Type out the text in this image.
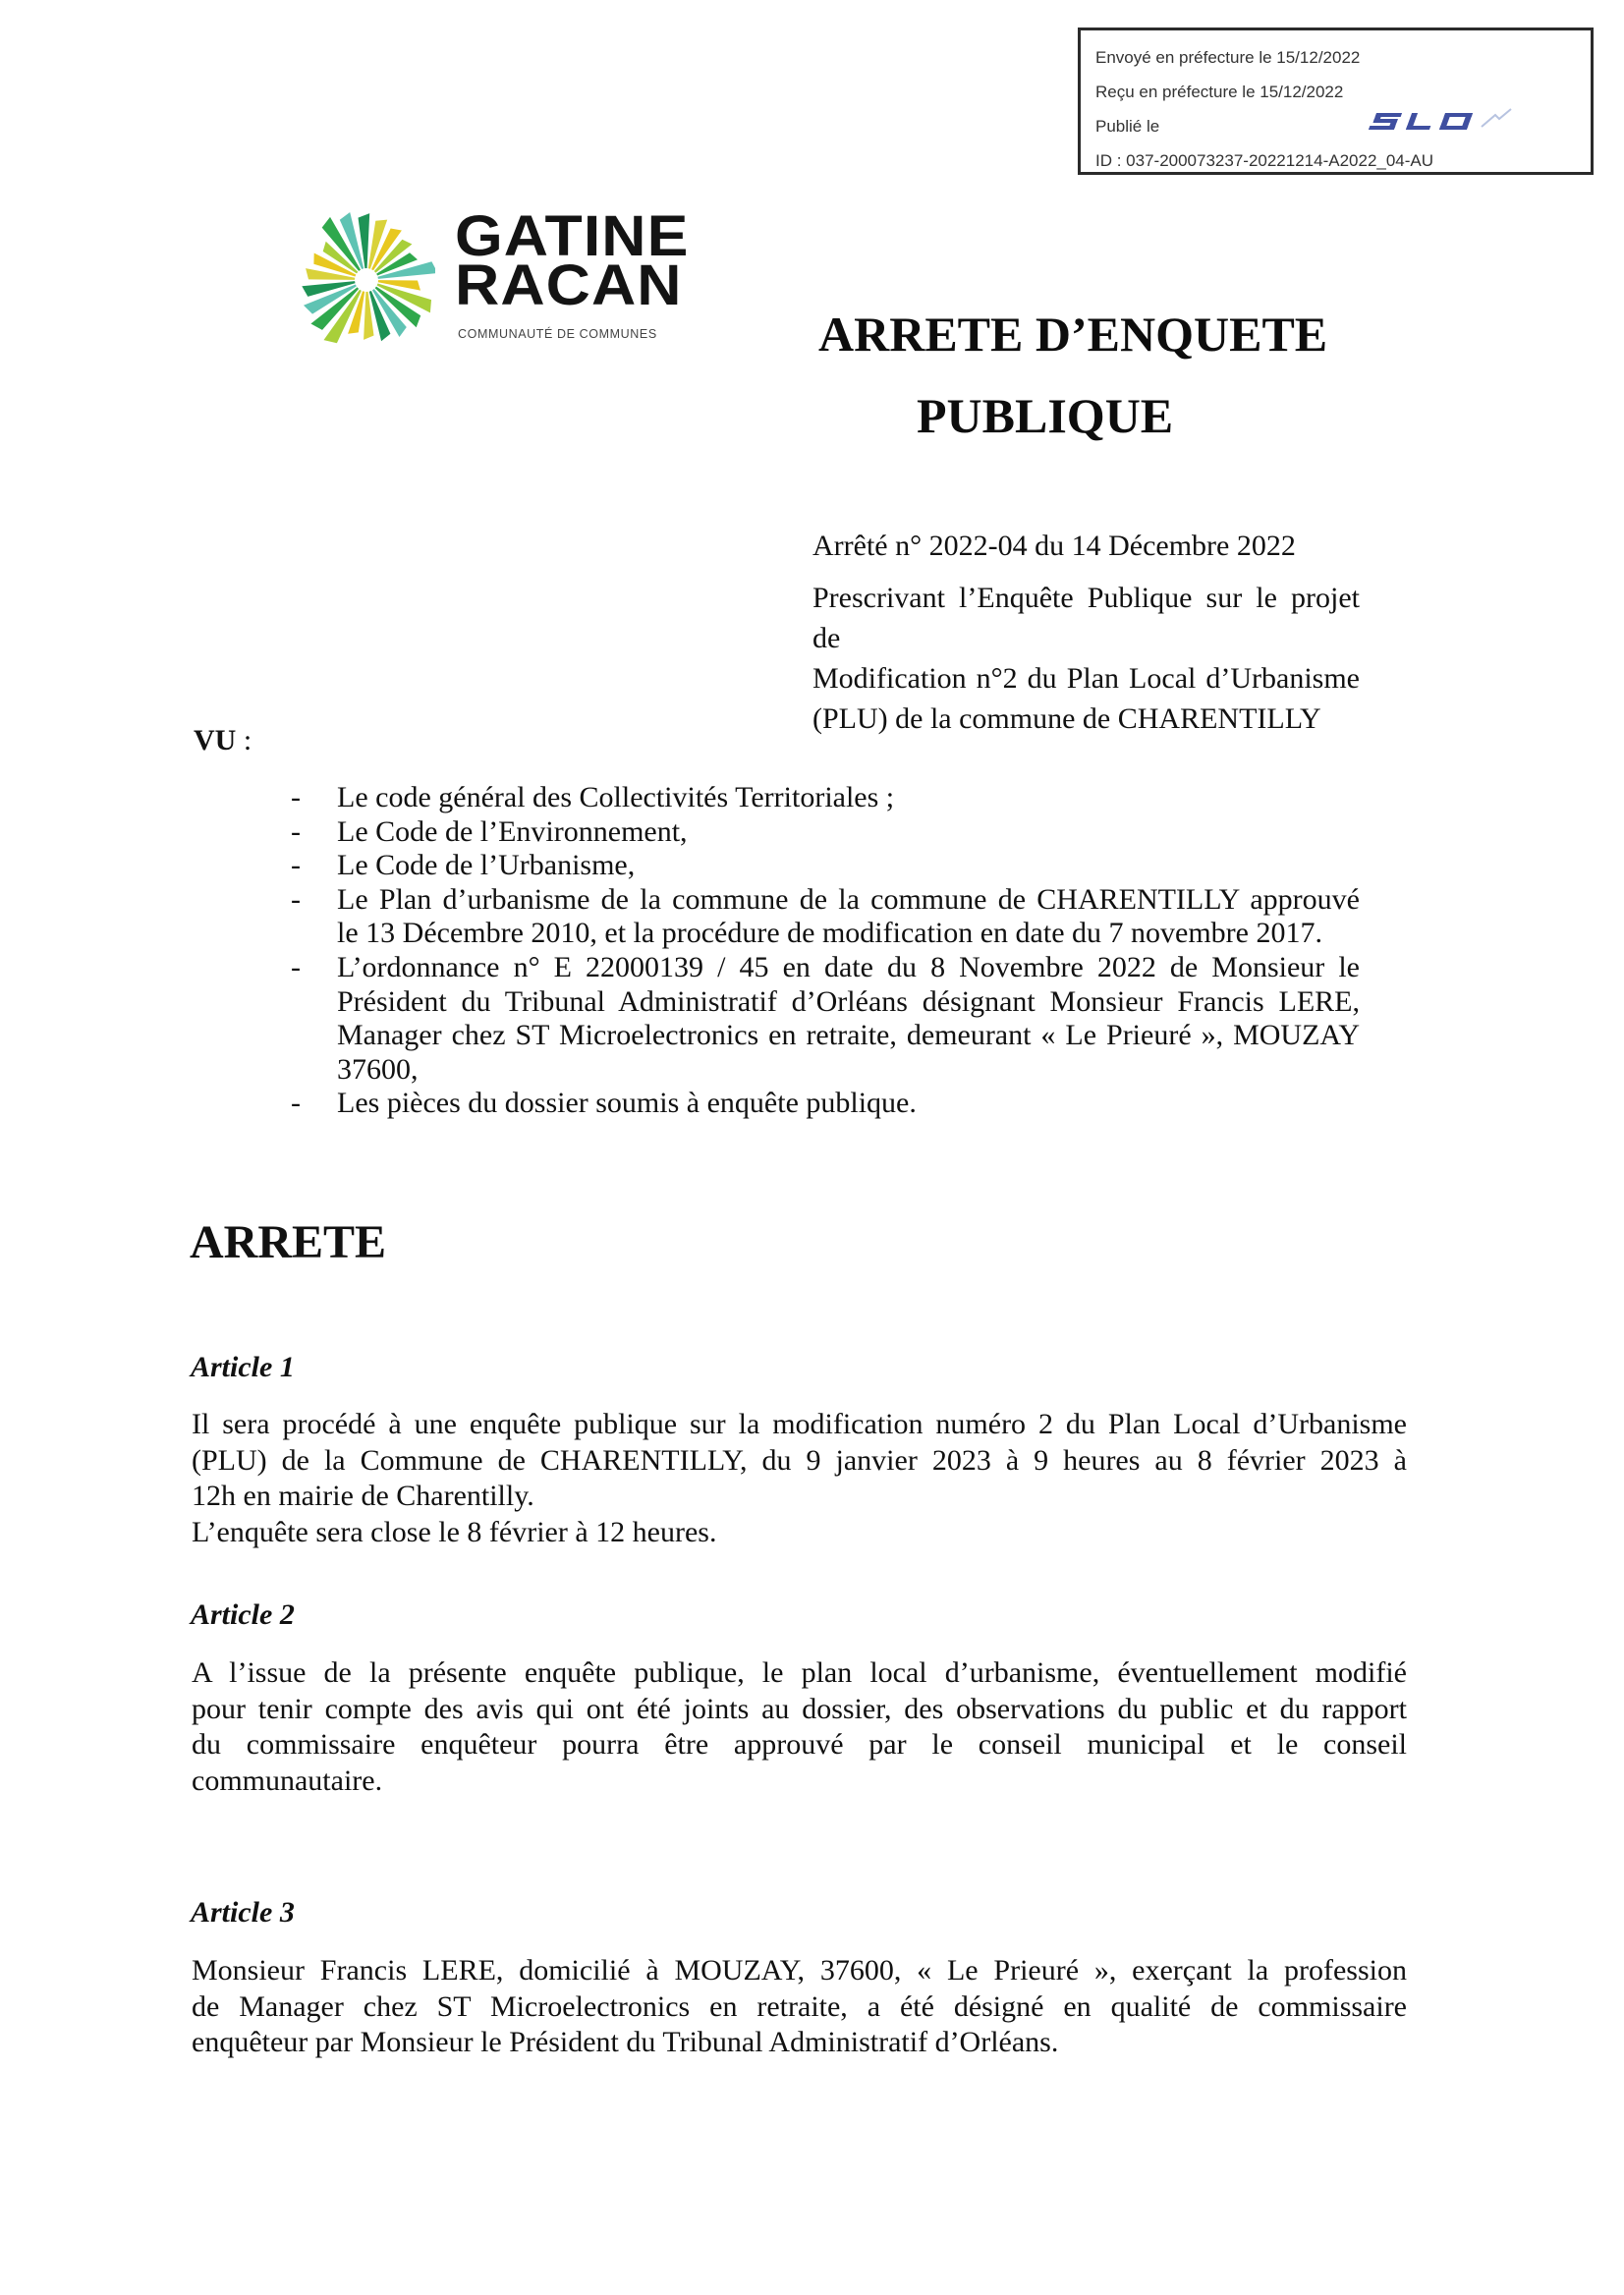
Envoyé en préfecture le 15/12/2022
Reçu en préfecture le 15/12/2022
Publié le
ID : 037-200073237-20221214-A2022_04-AU
GATINE
RACAN
COMMUNAUTÉ DE COMMUNES	ARRETE D’ENQUETE
PUBLIQUE
Arrêté n° 2022-04 du 14 Décembre 2022
Prescrivant l’Enquête Publique sur le projet de
Modification n°2 du Plan Local d’Urbanisme
(PLU) de la commune de CHARENTILLY
VU :
- Le code général des Collectivités Territoriales ;
- Le Code de l’Environnement,
- Le Code de l’Urbanisme,
- Le Plan d’urbanisme de la commune de la commune de CHARENTILLY approuvé
le 13 Décembre 2010, et la procédure de modification en date du 7 novembre 2017.
- L’ordonnance n° E 22000139 / 45 en date du 8 Novembre 2022 de Monsieur le
Président du Tribunal Administratif d’Orléans désignant Monsieur Francis LERE,
Manager chez ST Microelectronics en retraite, demeurant « Le Prieuré », MOUZAY
37600,
- Les pièces du dossier soumis à enquête publique.
ARRETE
Article 1
Il sera procédé à une enquête publique sur la modification numéro 2 du Plan Local d’Urbanisme
(PLU) de la Commune de CHARENTILLY, du 9 janvier 2023 à 9 heures au 8 février 2023 à
12h en mairie de Charentilly.
L’enquête sera close le 8 février à 12 heures.
Article 2
A l’issue de la présente enquête publique, le plan local d’urbanisme, éventuellement modifié
pour tenir compte des avis qui ont été joints au dossier, des observations du public et du rapport
du commissaire enquêteur pourra être approuvé par le conseil municipal et le conseil
communautaire.
Article 3
Monsieur Francis LERE, domicilié à MOUZAY, 37600, « Le Prieuré », exerçant la profession
de Manager chez ST Microelectronics en retraite, a été désigné en qualité de commissaire
enquêteur par Monsieur le Président du Tribunal Administratif d’Orléans.
